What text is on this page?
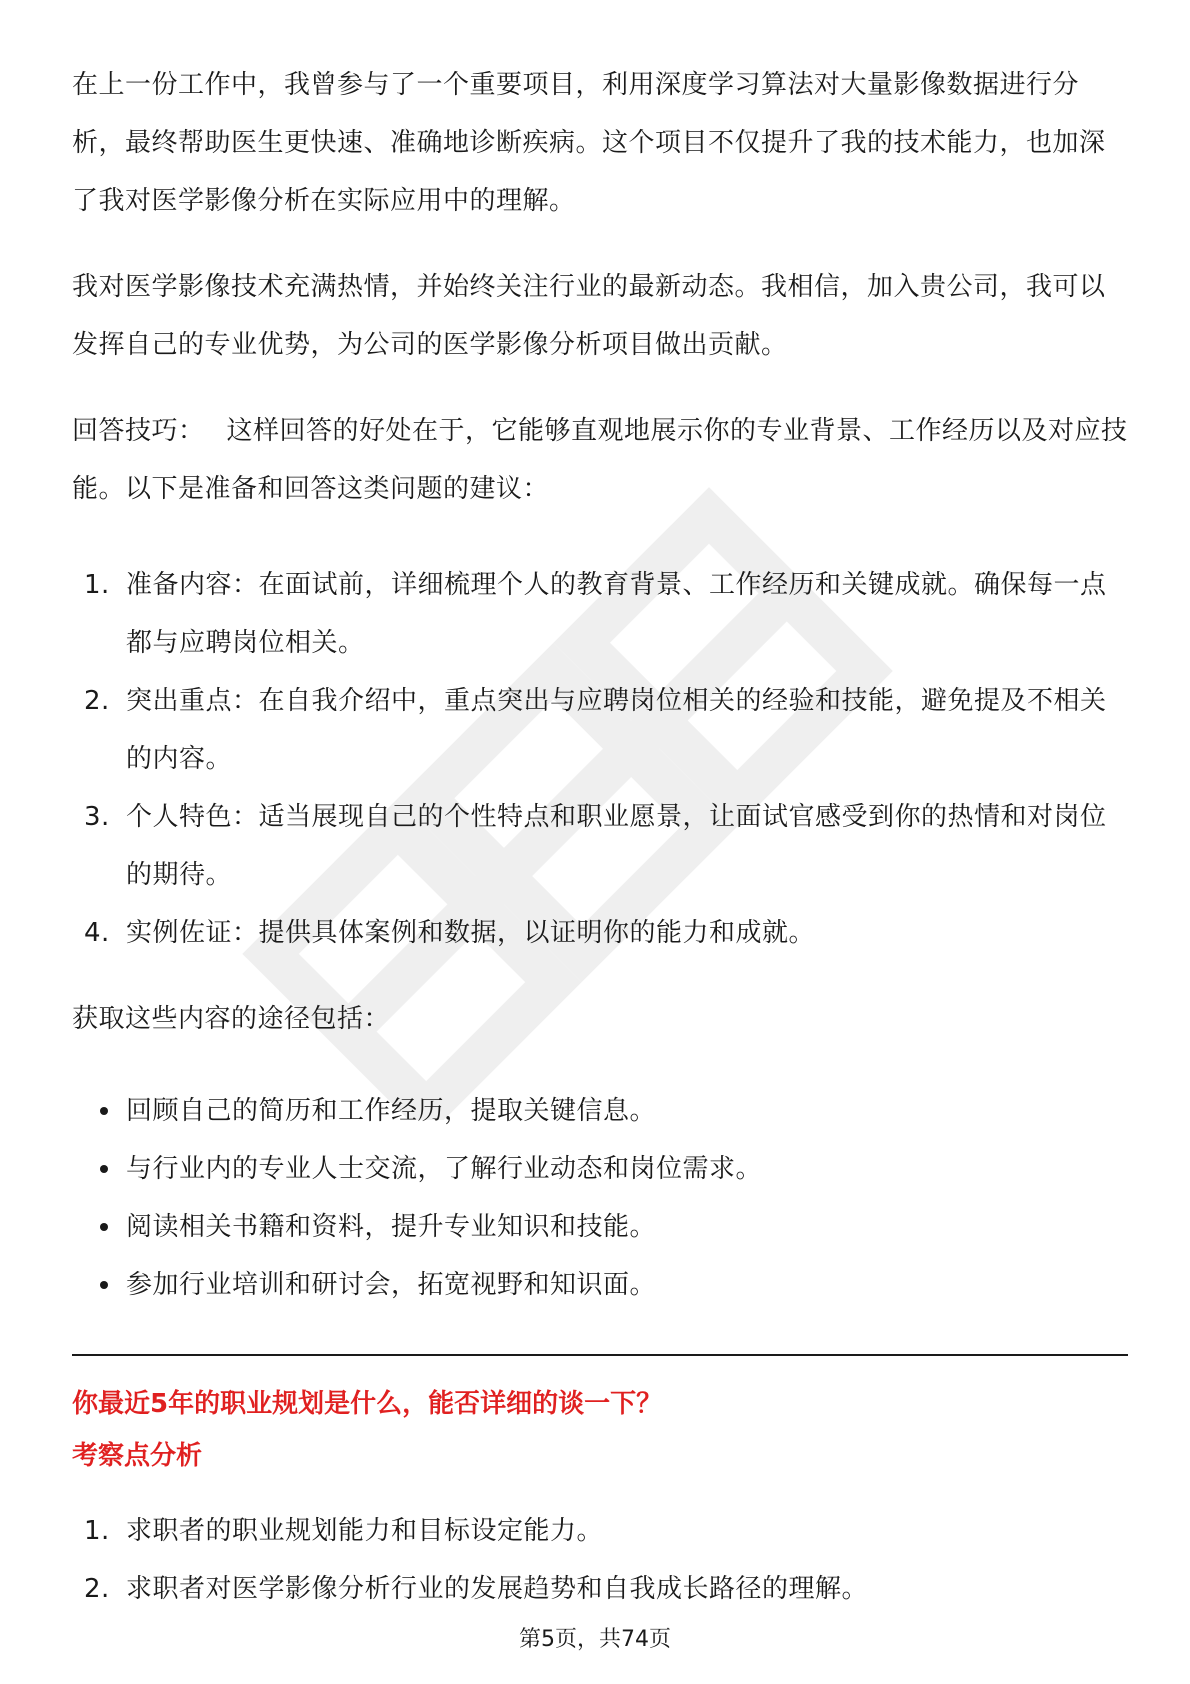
在上一份工作中，我曾参与了一个重要项目，利用深度学习算法对大量影像数据进行分析，最终帮助医生更快速、准确地诊断疾病。这个项目不仅提升了我的技术能力，也加深了我对医学影像分析在实际应用中的理解。

我对医学影像技术充满热情，并始终关注行业的最新动态。我相信，加入贵公司，我可以发挥自己的专业优势，为公司的医学影像分析项目做出贡献。

回答技巧： 这样回答的好处在于，它能够直观地展示你的专业背景、工作经历以及对应技能。以下是准备和回答这类问题的建议：

1. 准备内容：在面试前，详细梳理个人的教育背景、工作经历和关键成就。确保每一点都与应聘岗位相关。
2. 突出重点：在自我介绍中，重点突出与应聘岗位相关的经验和技能，避免提及不相关的内容。
3. 个人特色：适当展现自己的个性特点和职业愿景，让面试官感受到你的热情和对岗位的期待。
4. 实例佐证：提供具体案例和数据，以证明你的能力和成就。

获取这些内容的途径包括：

回顾自己的简历和工作经历，提取关键信息。
与行业内的专业人士交流，了解行业动态和岗位需求。
阅读相关书籍和资料，提升专业知识和技能。
参加行业培训和研讨会，拓宽视野和知识面。
你最近5年的职业规划是什么，能否详细的谈一下？
考察点分析
1. 求职者的职业规划能力和目标设定能力。
2. 求职者对医学影像分析行业的发展趋势和自我成长路径的理解。
第5页，共74页
